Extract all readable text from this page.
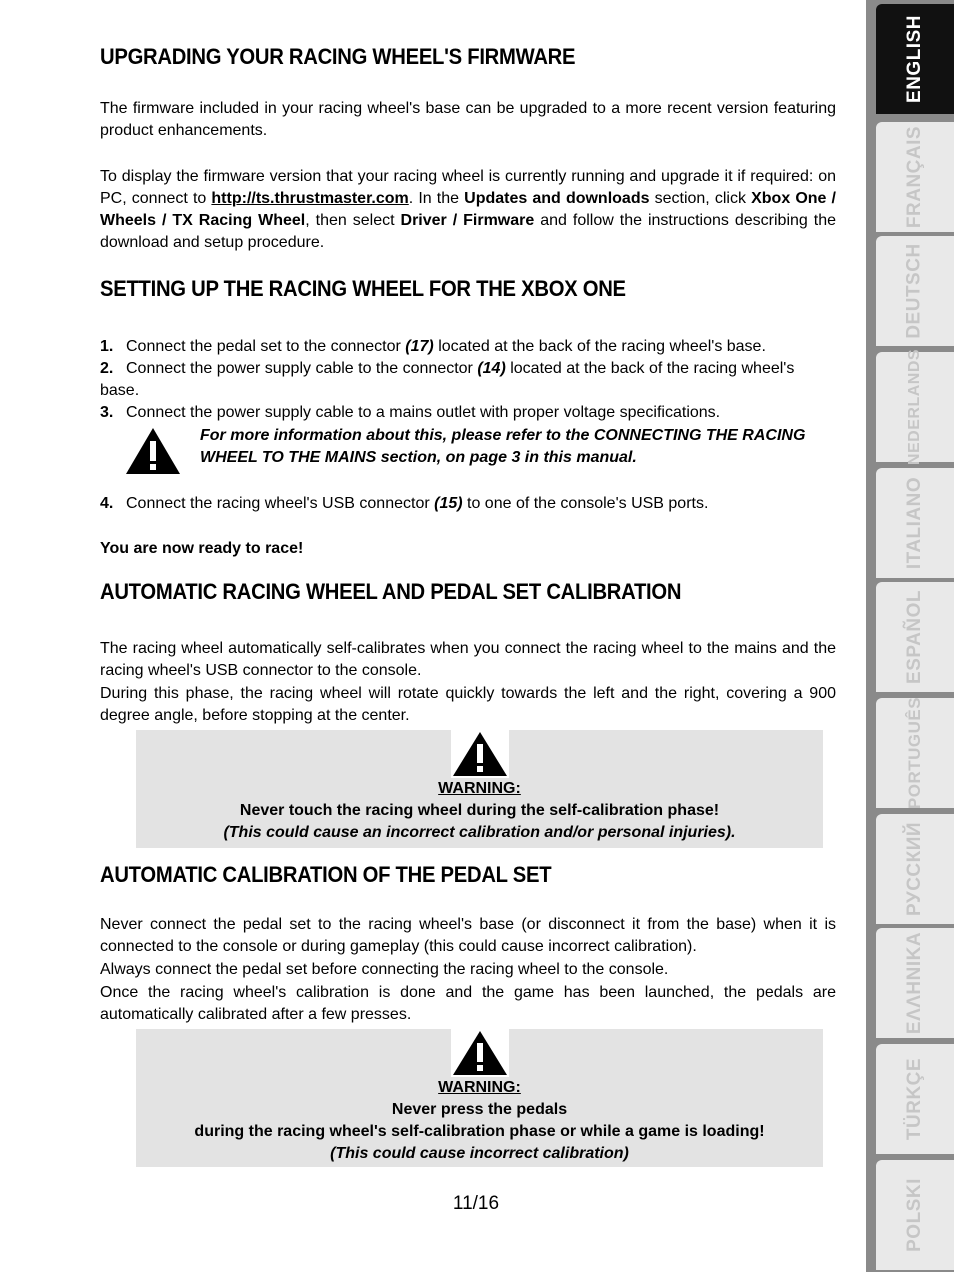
UPGRADING YOUR RACING WHEEL'S FIRMWARE

The firmware included in your racing wheel's base can be upgraded to a more recent version featuring product enhancements.

To display the firmware version that your racing wheel is currently running and upgrade it if required: on PC, connect to http://ts.thrustmaster.com. In the Updates and downloads section, click Xbox One / Wheels / TX Racing Wheel, then select Driver / Firmware and follow the instructions describing the download and setup procedure.

SETTING UP THE RACING WHEEL FOR THE XBOX ONE
1. Connect the pedal set to the connector (17) located at the back of the racing wheel's base.
2. Connect the power supply cable to the connector (14) located at the back of the racing wheel's base.
3. Connect the power supply cable to a mains outlet with proper voltage specifications.
For more information about this, please refer to the CONNECTING THE RACING
WHEEL TO THE MAINS section, on page 3 in this manual.
4. Connect the racing wheel's USB connector (15) to one of the console's USB ports.
You are now ready to race!
AUTOMATIC RACING WHEEL AND PEDAL SET CALIBRATION

The racing wheel automatically self-calibrates when you connect the racing wheel to the mains and the racing wheel's USB connector to the console.

During this phase, the racing wheel will rotate quickly towards the left and the right, covering a 900 degree angle, before stopping at the center.

AUTOMATIC CALIBRATION OF THE PEDAL SET

Never connect the pedal set to the racing wheel's base (or disconnect it from the base) when it is connected to the console or during gameplay (this could cause incorrect calibration).

Always connect the pedal set before connecting the racing wheel to the console.

Once the racing wheel's calibration is done and the game has been launched, the pedals are automatically calibrated after a few presses.

WARNING:
Never touch the racing wheel during the self-calibration phase!
(This could cause an incorrect calibration and/or personal injuries).
WARNING:
Never press the pedals
during the racing wheel's self-calibration phase or while a game is loading!
(This could cause incorrect calibration)
11/16
ENGLISH
FRANÇAIS
DEUTSCH
NEDERLANDS
ITALIANO
ESPAÑOL
PORTUGUÊS
РУССКИЙ
ΕΛΛΗΝΙΚΑ
TÜRKÇE
POLSKI
